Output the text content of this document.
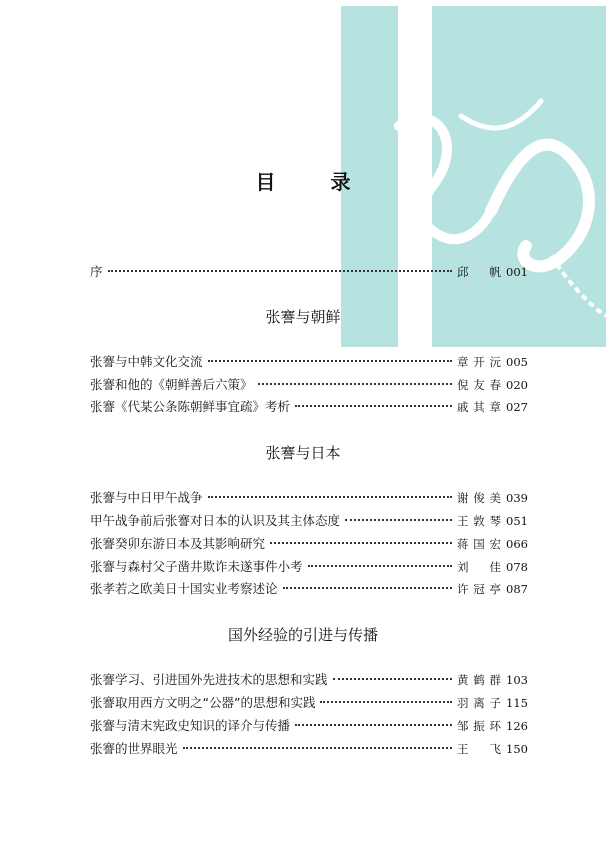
目 录
序	邱 帆 001
张謇与朝鲜
张謇与中韩文化交流	章开沅 005
张謇和他的《朝鲜善后六策》	倪友春 020
张謇《代某公条陈朝鲜事宜疏》考析	戚其章 027
张謇与日本
张謇与中日甲午战争	谢俊美 039
甲午战争前后张謇对日本的认识及其主体态度	王敦琴 051
张謇癸卯东游日本及其影响研究	蒋国宏 066
张謇与森村父子凿井欺诈未遂事件小考	刘 佳 078
张孝若之欧美日十国实业考察述论	许冠亭 087
国外经验的引进与传播
张謇学习、引进国外先进技术的思想和实践	黄鹤群 103
张謇取用西方文明之“公器”的思想和实践	羽离子 115
张謇与清末宪政史知识的译介与传播	邹振环 126
张謇的世界眼光	王 飞 150
